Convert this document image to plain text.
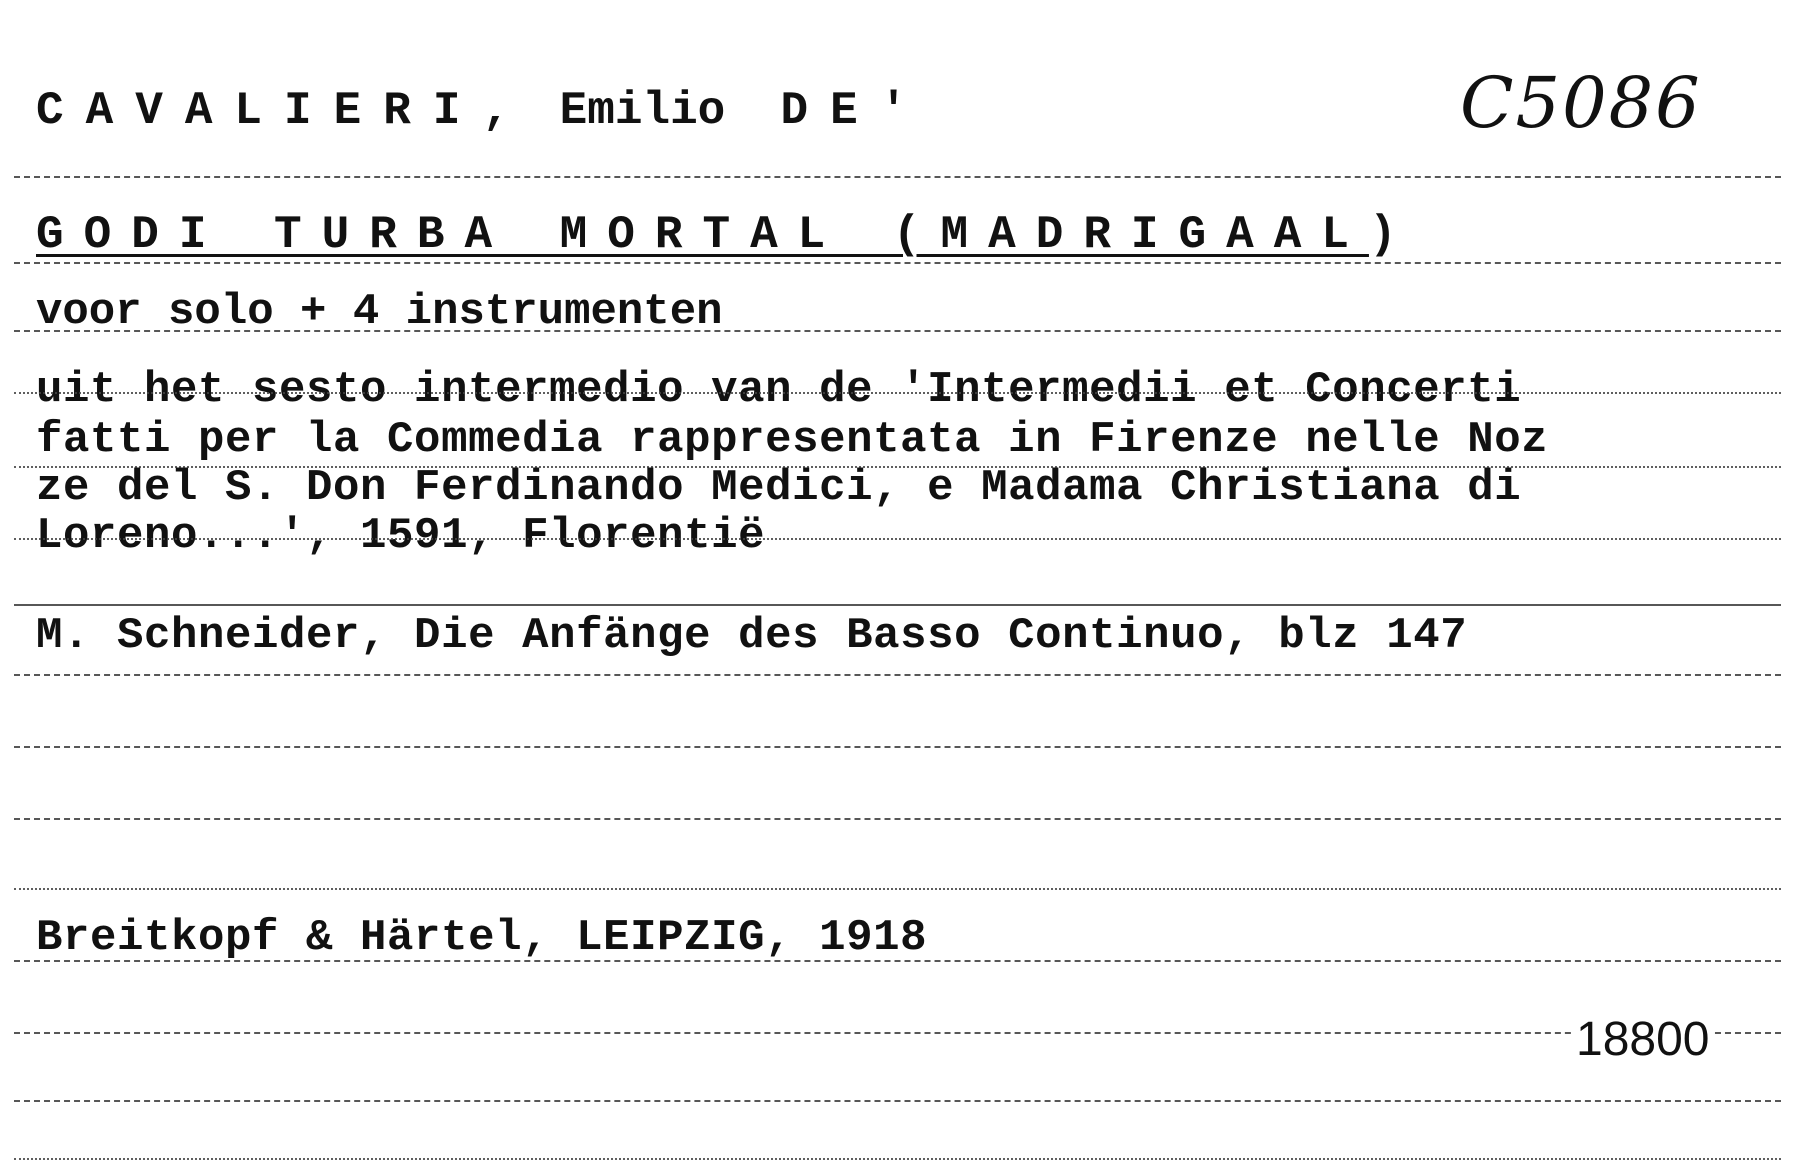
CAVALIERI, Emilio DE'	C5086
GODI TURBA MORTAL (MADRIGAAL)
voor solo + 4 instrumenten
uit het sesto intermedio van de 'Intermedii et Concerti
fatti per la Commedia rappresentata in Firenze nelle Noz
ze del S. Don Ferdinando Medici, e Madama Christiana di
Loreno...', 1591, Florentië
M. Schneider, Die Anfänge des Basso Continuo, blz 147
Breitkopf & Härtel, LEIPZIG, 1918
18800
